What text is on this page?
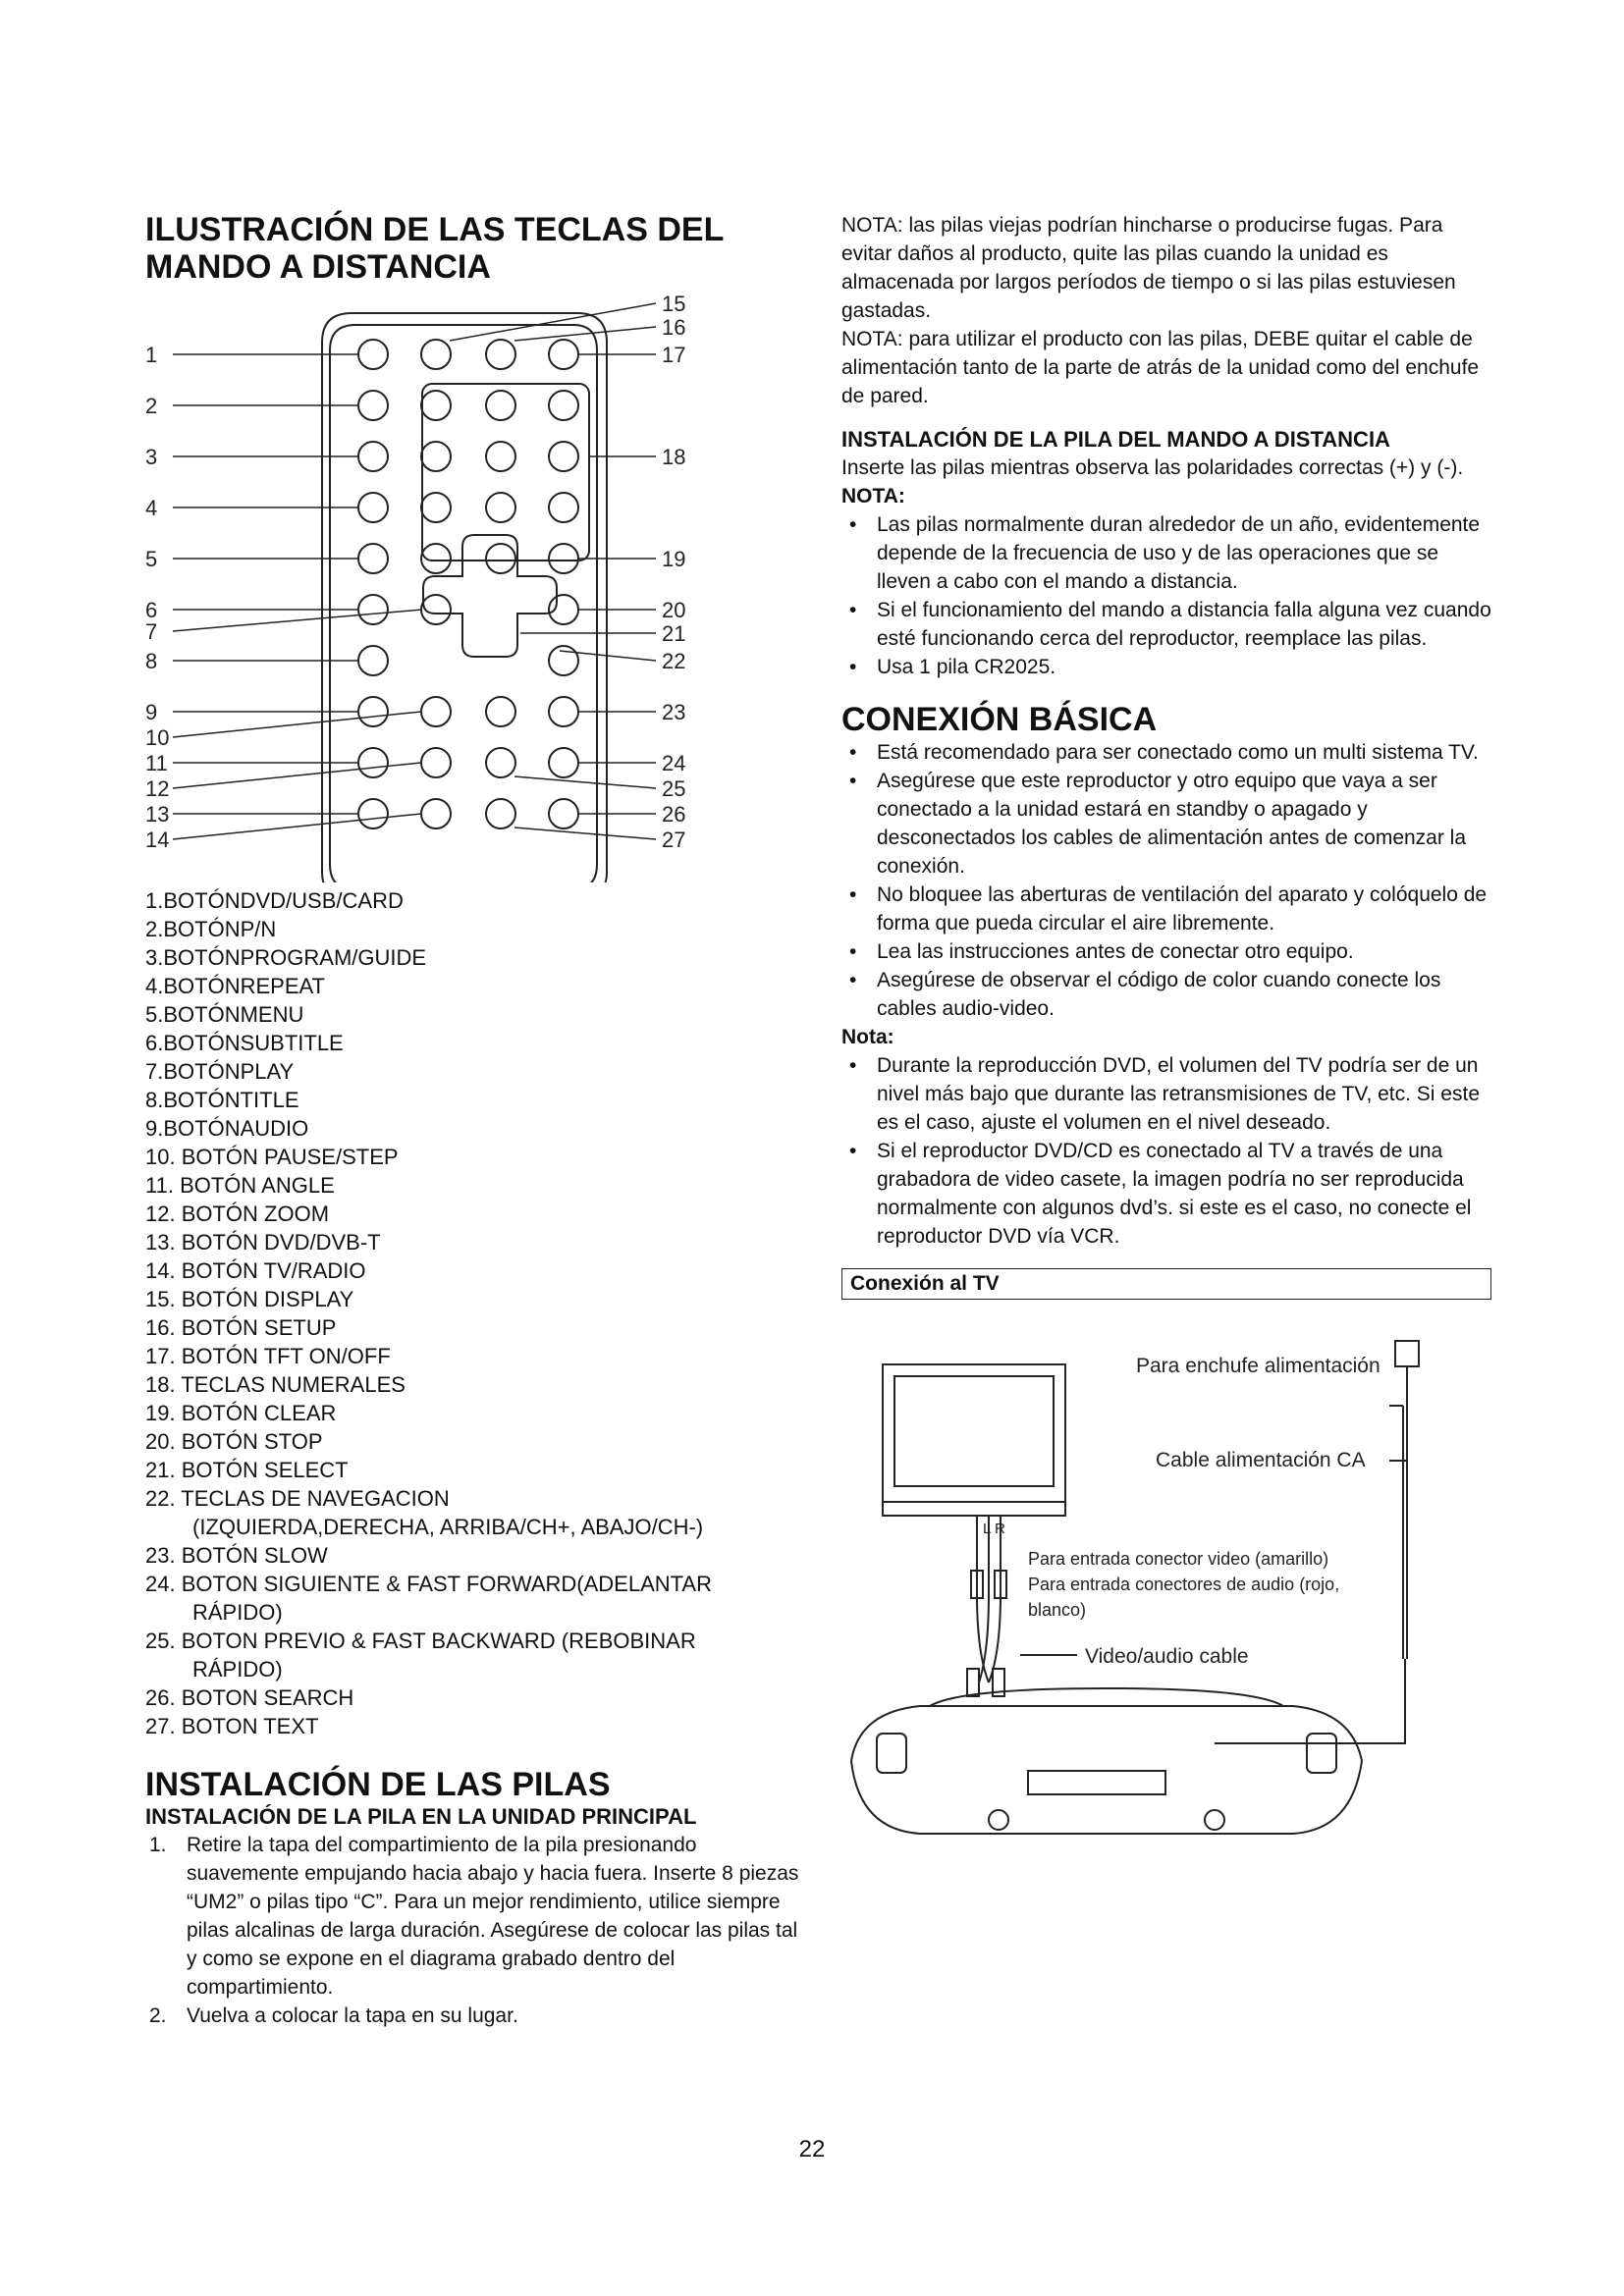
ILUSTRACIÓN DE LAS TECLAS DEL
MANDO A DISTANCIA
1
2
3
4
5
6
7
8
9
10
11
12
13
14
15
16
17
18
19
20
21
22
23
24
25
26
27
1.BOTÓNDVD/USB/CARD
2.BOTÓNP/N
3.BOTÓNPROGRAM/GUIDE
4.BOTÓNREPEAT
5.BOTÓNMENU
6.BOTÓNSUBTITLE
7.BOTÓNPLAY
8.BOTÓNTITLE
9.BOTÓNAUDIO
10. BOTÓN PAUSE/STEP
11. BOTÓN ANGLE
12. BOTÓN ZOOM
13. BOTÓN DVD/DVB-T
14. BOTÓN TV/RADIO
15. BOTÓN DISPLAY
16. BOTÓN SETUP
17. BOTÓN TFT ON/OFF
18. TECLAS NUMERALES
19. BOTÓN CLEAR
20. BOTÓN STOP
21. BOTÓN SELECT
22. TECLAS DE NAVEGACION
(IZQUIERDA,DERECHA, ARRIBA/CH+, ABAJO/CH-)
23. BOTÓN SLOW
24. BOTON SIGUIENTE & FAST FORWARD(ADELANTAR
RÁPIDO)
25. BOTON PREVIO & FAST BACKWARD (REBOBINAR
RÁPIDO)
26. BOTON SEARCH
27. BOTON TEXT
INSTALACIÓN DE LAS PILAS
INSTALACIÓN DE LA PILA EN LA UNIDAD PRINCIPAL
1. Retire la tapa del compartimiento de la pila presionando suavemente empujando hacia abajo y hacia fuera. Inserte 8 piezas “UM2” o pilas tipo “C”. Para un mejor rendimiento, utilice siempre pilas alcalinas de larga duración. Asegúrese de colocar las pilas tal y como se expone en el diagrama grabado dentro del compartimiento.
2. Vuelva a colocar la tapa en su lugar.
NOTA: las pilas viejas podrían hincharse o producirse fugas. Para evitar daños al producto, quite las pilas cuando la unidad es almacenada por largos períodos de tiempo o si las pilas estuviesen gastadas.
NOTA: para utilizar el producto con las pilas, DEBE quitar el cable de alimentación tanto de la parte de atrás de la unidad como del enchufe de pared.
INSTALACIÓN DE LA PILA DEL MANDO A DISTANCIA
Inserte las pilas mientras observa las polaridades correctas (+) y (-).
NOTA:
• Las pilas normalmente duran alrededor de un año, evidentemente depende de la frecuencia de uso y de las operaciones que se lleven a cabo con el mando a distancia.
• Si el funcionamiento del mando a distancia falla alguna vez cuando esté funcionando cerca del reproductor, reemplace las pilas.
• Usa 1 pila CR2025.
CONEXIÓN BÁSICA
• Está recomendado para ser conectado como un multi sistema TV.
• Asegúrese que este reproductor y otro equipo que vaya a ser conectado a la unidad estará en standby o apagado y desconectados los cables de alimentación antes de comenzar la conexión.
• No bloquee las aberturas de ventilación del aparato y colóquelo de forma que pueda circular el aire libremente.
• Lea las instrucciones antes de conectar otro equipo.
• Asegúrese de observar el código de color cuando conecte los cables audio-video.
Nota:
• Durante la reproducción DVD, el volumen del TV podría ser de un nivel más bajo que durante las retransmisiones de TV, etc. Si este es el caso, ajuste el volumen en el nivel deseado.
• Si el reproductor DVD/CD es conectado al TV a través de una grabadora de video casete, la imagen podría no ser reproducida normalmente con algunos dvd’s. si este es el caso, no conecte el reproductor DVD vía VCR.
Conexión al TV
Para enchufe alimentación
Cable alimentación CA
L R
Para entrada conector video (amarillo)
Para entrada conectores de audio (rojo,
blanco)
Video/audio cable
22
